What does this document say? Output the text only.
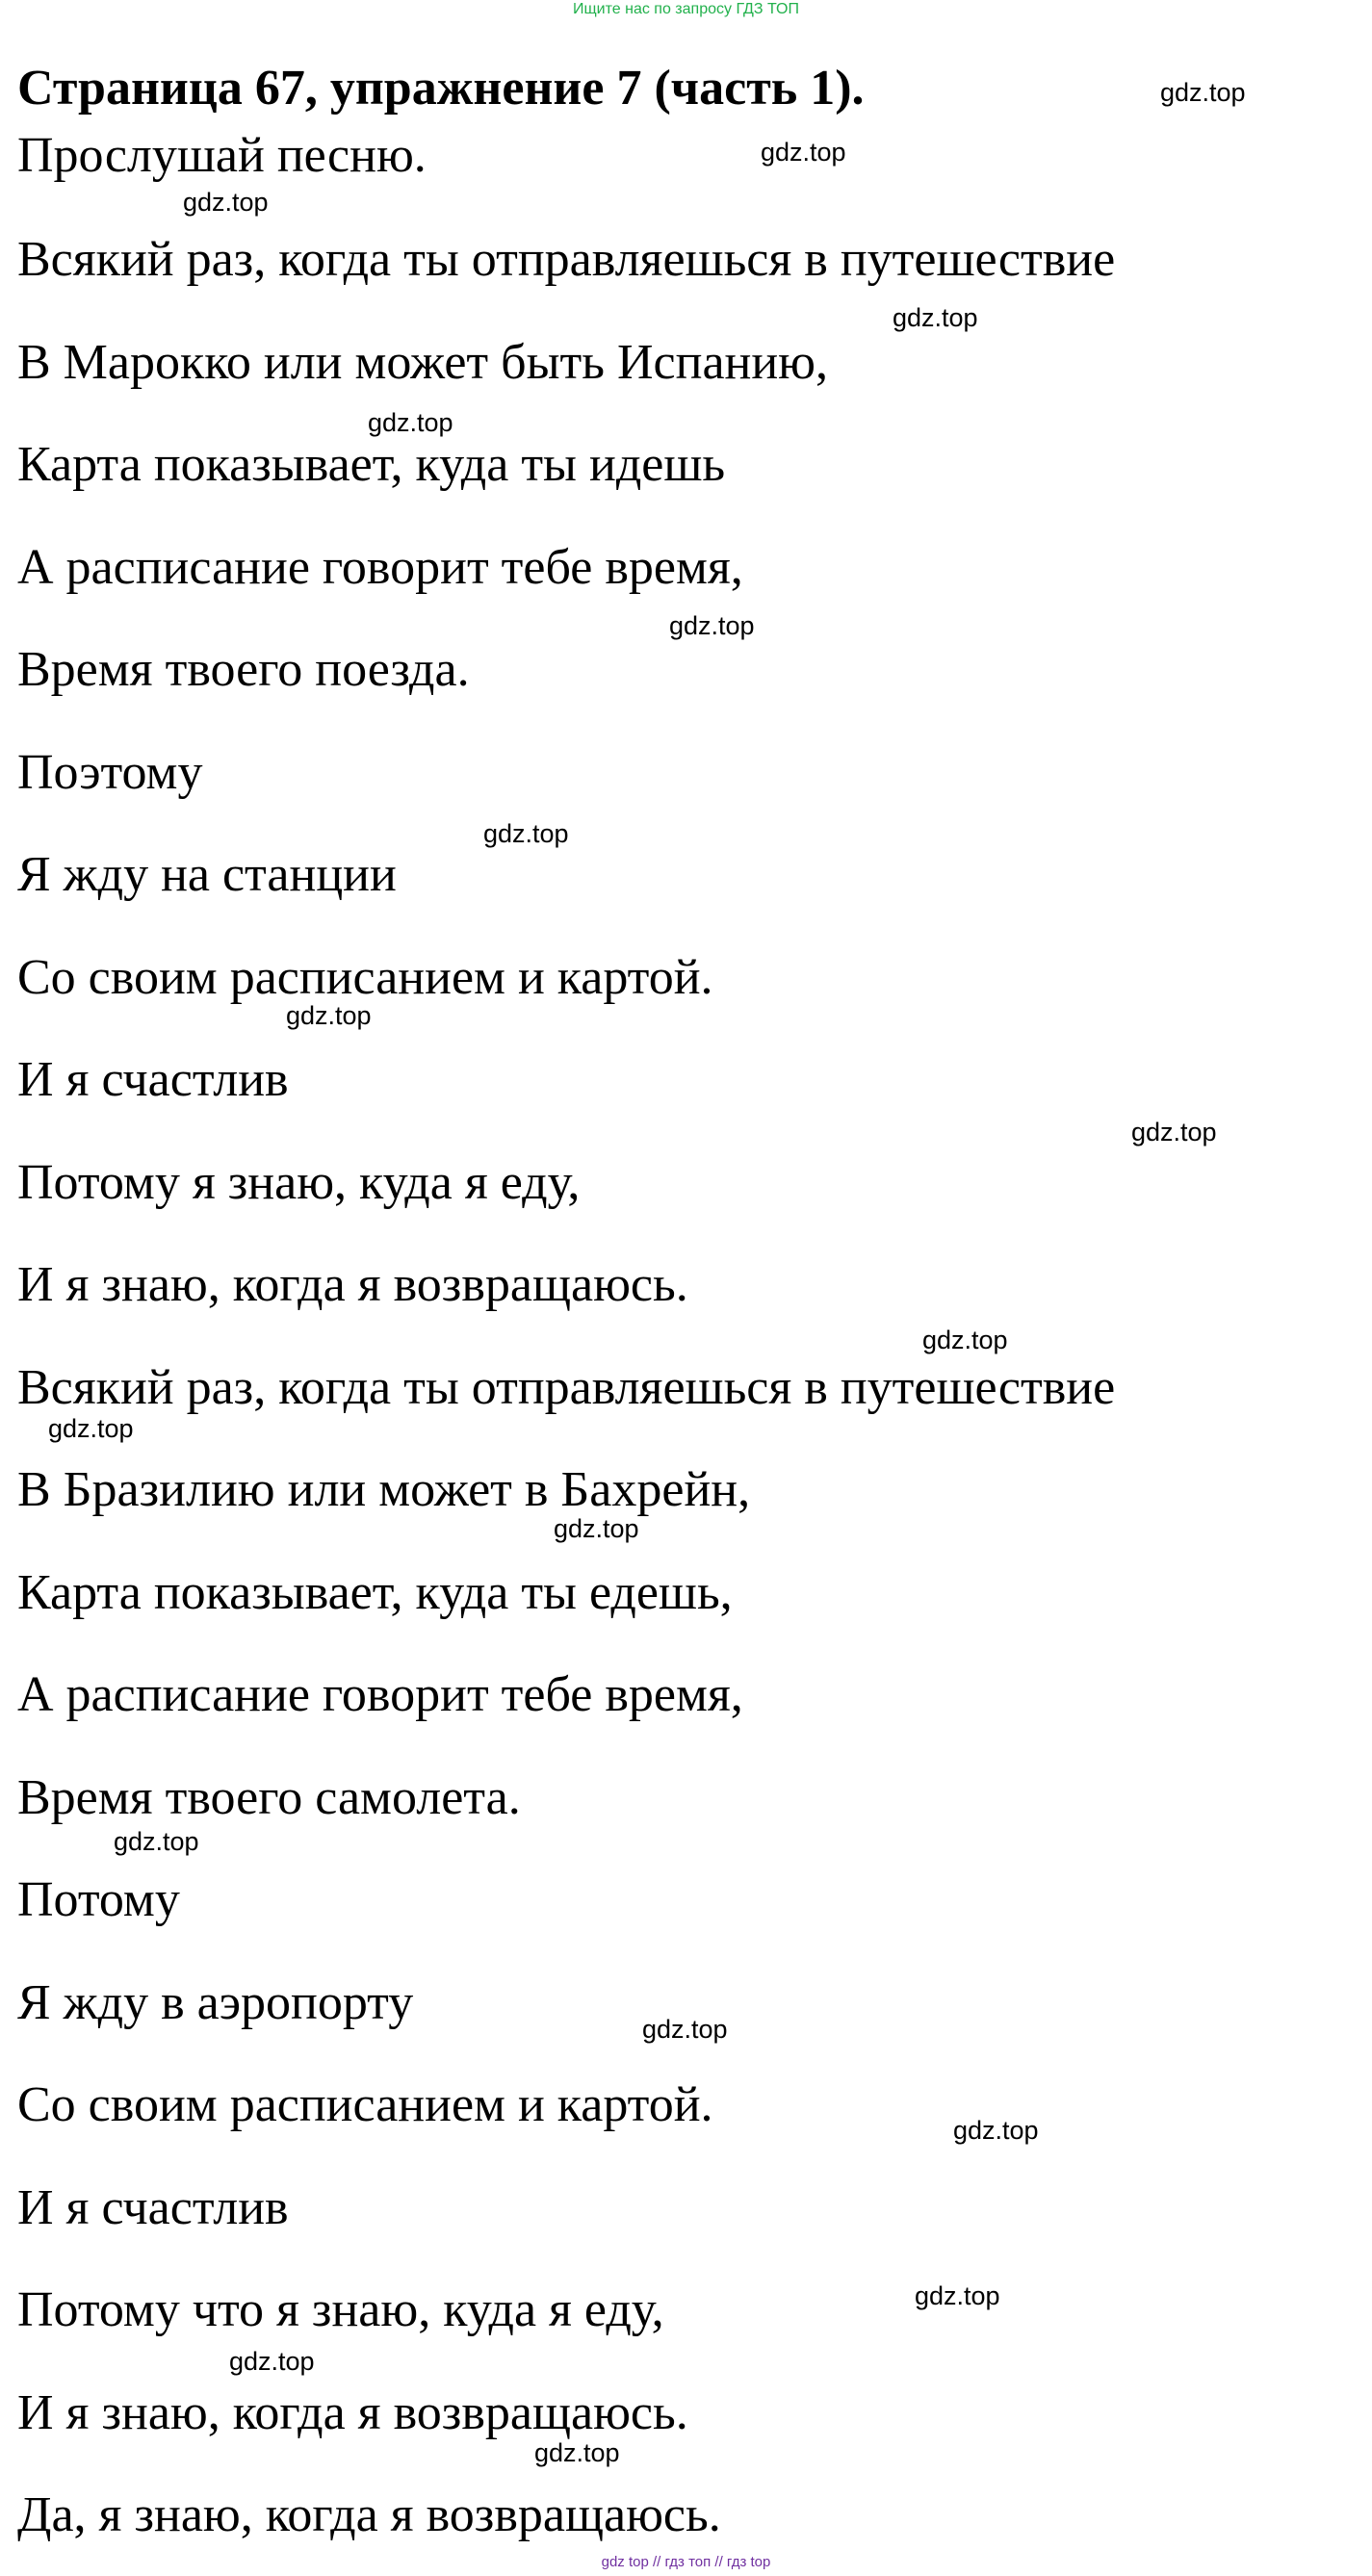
Ищите нас по запросу ГДЗ ТОП
Страница 67, упражнение 7 (часть 1).

Прослушай песню.

Всякий раз, когда ты отправляешься в путешествие

В Марокко или может быть Испанию,

Карта показывает, куда ты идешь

А расписание говорит тебе время,

Время твоего поезда.

Поэтому

Я жду на станции

Со своим расписанием и картой.

И я счастлив

Потому я знаю, куда я еду,

И я знаю, когда я возвращаюсь.

Всякий раз, когда ты отправляешься в путешествие

В Бразилию или может в Бахрейн,

Карта показывает, куда ты едешь,

А расписание говорит тебе время,

Время твоего самолета.

Потому

Я жду в аэропорту

Со своим расписанием и картой.

И я счастлив

Потому что я знаю, куда я еду,

И я знаю, когда я возвращаюсь.

Да, я знаю, когда я возвращаюсь.

gdz.top
gdz.top
gdz.top
gdz.top
gdz.top
gdz.top
gdz.top
gdz.top
gdz.top
gdz.top
gdz.top
gdz.top
gdz.top
gdz.top
gdz.top
gdz.top
gdz.top
gdz.top
gdz top // гдз топ // гдз top
